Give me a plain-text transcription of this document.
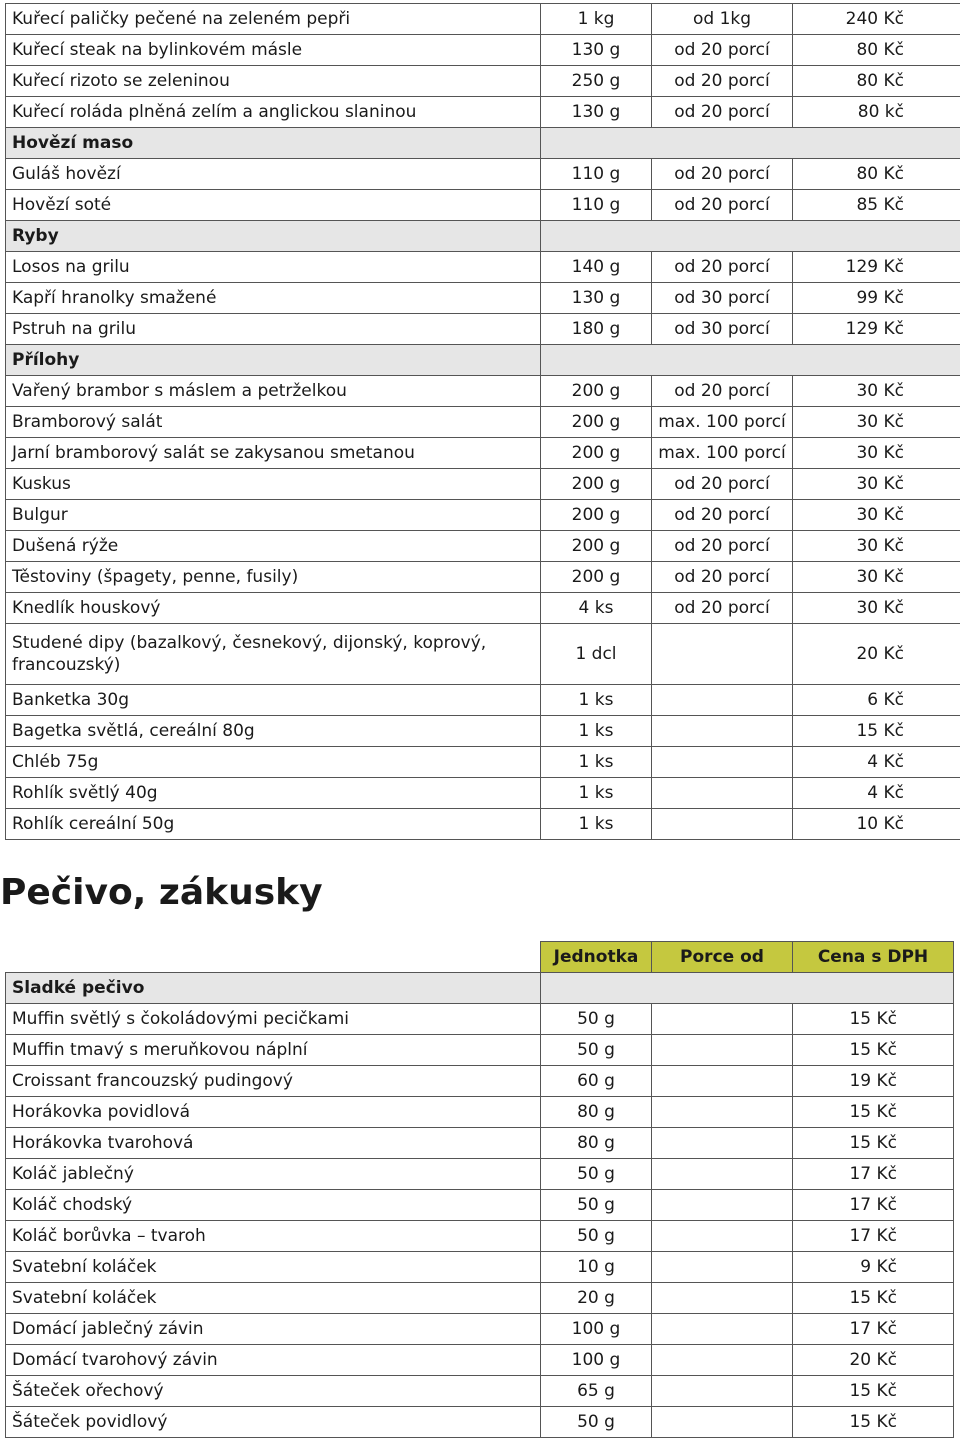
Kuřecí paličky pečené na zeleném pepři	1 kg	od 1kg	240 Kč
Kuřecí steak na bylinkovém másle	130 g	od 20 porcí	80 Kč
Kuřecí rizoto se zeleninou	250 g	od 20 porcí	80 Kč
Kuřecí roláda plněná zelím a anglickou slaninou	130 g	od 20 porcí	80 kč
Hovězí maso			
Guláš hovězí	110 g	od 20 porcí	80 Kč
Hovězí soté	110 g	od 20 porcí	85 Kč
Ryby			
Losos na grilu	140 g	od 20 porcí	129 Kč
Kapří hranolky smažené	130 g	od 30 porcí	99 Kč
Pstruh na grilu	180 g	od 30 porcí	129 Kč
Přílohy			
Vařený brambor s máslem a petrželkou	200 g	od 20 porcí	30 Kč
Bramborový salát	200 g	max. 100 porcí	30 Kč
Jarní bramborový salát se zakysanou smetanou	200 g	max. 100 porcí	30 Kč
Kuskus	200 g	od 20 porcí	30 Kč
Bulgur	200 g	od 20 porcí	30 Kč
Dušená rýže	200 g	od 20 porcí	30 Kč
Těstoviny (špagety, penne, fusily)	200 g	od 20 porcí	30 Kč
Knedlík houskový	4 ks	od 20 porcí	30 Kč
Studené dipy (bazalkový, česnekový, dijonský, koprový, francouzský)	1 dcl		20 Kč
Banketka 30g	1 ks		6 Kč
Bagetka světlá, cereální 80g	1 ks		15 Kč
Chléb 75g	1 ks		4 Kč
Rohlík světlý 40g	1 ks		4 Kč
Rohlík cereální 50g	1 ks		10 Kč
Pečivo, zákusky
	Jednotka	Porce od	Cena s DPH
Sladké pečivo			
Muffin světlý s čokoládovými pecičkami	50 g		15 Kč
Muffin tmavý s meruňkovou náplní	50 g		15 Kč
Croissant francouzský pudingový	60 g		19 Kč
Horákovka povidlová	80 g		15 Kč
Horákovka tvarohová	80 g		15 Kč
Koláč jablečný	50 g		17 Kč
Koláč chodský	50 g		17 Kč
Koláč borůvka – tvaroh	50 g		17 Kč
Svatební koláček	10 g		9 Kč
Svatební koláček	20 g		15 Kč
Domácí jablečný závin	100 g		17 Kč
Domácí tvarohový závin	100 g		20 Kč
Šáteček ořechový	65 g		15 Kč
Šáteček povidlový	50 g		15 Kč
